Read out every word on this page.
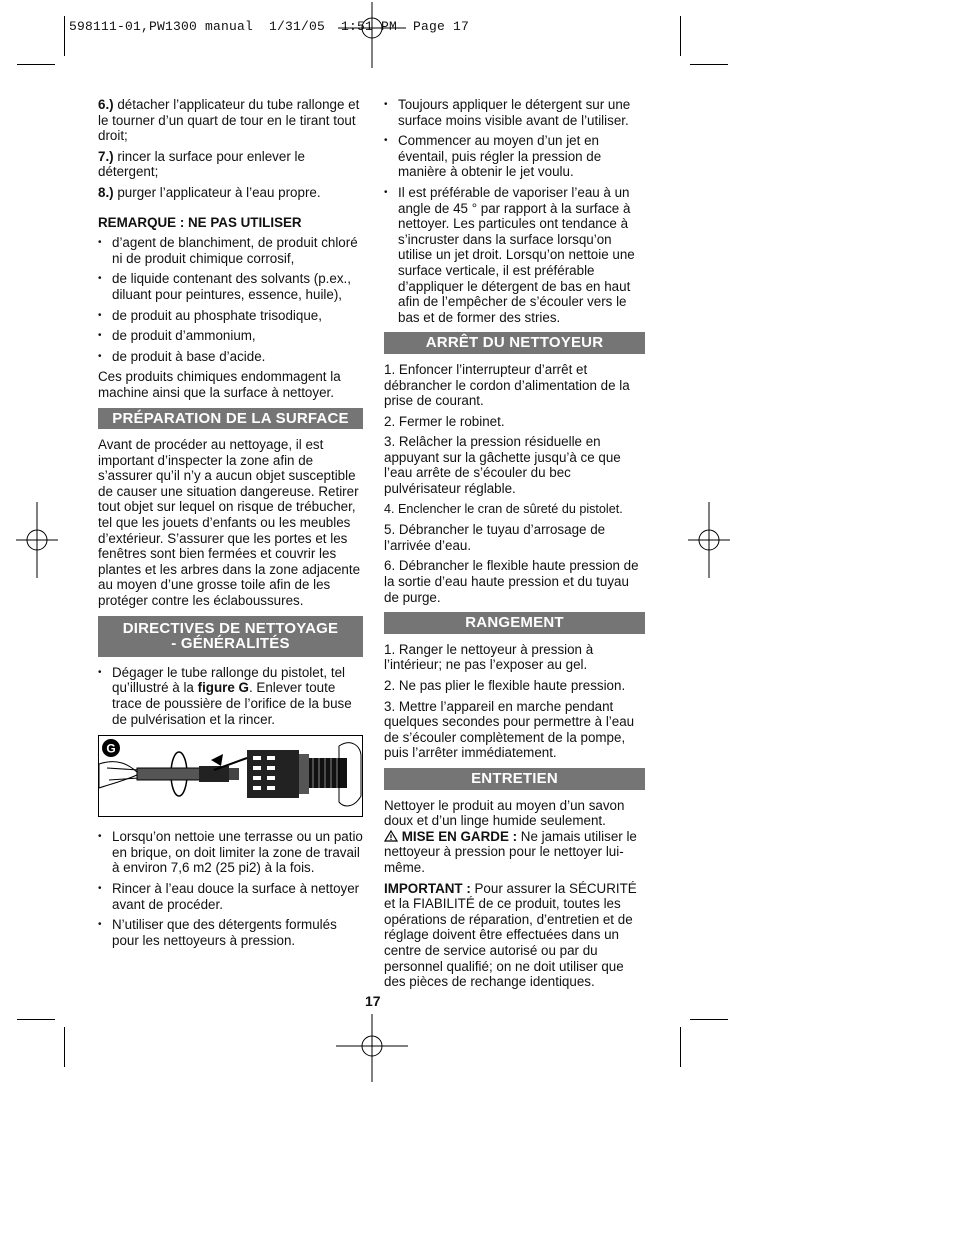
598111-01,PW1300 manual  1/31/05  1:51 PM  Page 17

6.) détacher l’applicateur du tube rallonge et le tourner d’un quart de tour en le tirant tout droit;

7.) rincer la surface pour enlever le détergent;

8.) purger l’applicateur à l’eau propre.

REMARQUE : NE PAS UTILISER

• d’agent de blanchiment, de produit chloré ni de produit chimique corrosif,
• de liquide contenant des solvants (p.ex., diluant pour peintures, essence, huile),
• de produit au phosphate trisodique,
• de produit d’ammonium,
• de produit à base d’acide.

Ces produits chimiques endommagent la machine ainsi que la surface à nettoyer.

PRÉPARATION DE LA SURFACE

Avant de procéder au nettoyage, il est important d’inspecter la zone afin de s’assurer qu’il n’y a aucun objet susceptible de causer une situation dangereuse. Retirer tout objet sur lequel on risque de trébucher, tel que les jouets d’enfants ou les meubles d’extérieur. S’assurer que les portes et les fenêtres sont bien fermées et couvrir les plantes et les arbres dans la zone adjacente au moyen d’une grosse toile afin de les protéger contre les éclaboussures.

DIRECTIVES DE NETTOYAGE
- GÉNÉRALITÉS
• Dégager le tube rallonge du pistolet, tel qu’illustré à la figure G. Enlever toute trace de poussière de l’orifice de la buse de pulvérisation et la rincer.
G
• Lorsqu’on nettoie une terrasse ou un patio en brique, on doit limiter la zone de travail à environ 7,6 m2 (25 pi2) à la fois.
• Rincer à l’eau douce la surface à nettoyer avant de procéder.
• N’utiliser que des détergents formulés pour les nettoyeurs à pression.
• Toujours appliquer le détergent sur une surface moins visible avant de l’utiliser.
• Commencer au moyen d’un jet en éventail, puis régler la pression de manière à obtenir le jet voulu.
• Il est préférable de vaporiser l’eau à un angle de 45 ° par rapport à la surface à nettoyer. Les particules ont tendance à s’incruster dans la surface lorsqu’on utilise un jet droit. Lorsqu’on nettoie une surface verticale, il est préférable d’appliquer le détergent de bas en haut afin de l’empêcher de s’écouler vers le bas et de former des stries.
ARRÊT DU NETTOYEUR

1. Enfoncer l’interrupteur d’arrêt et débrancher le cordon d’alimentation de la prise de courant.

2. Fermer le robinet.

3. Relâcher la pression résiduelle en appuyant sur la gâchette jusqu’à ce que l’eau arrête de s’écouler du bec pulvérisateur réglable.

4. Enclencher le cran de sûreté du pistolet.

5. Débrancher le tuyau d’arrosage de l’arrivée d’eau.

6. Débrancher le flexible haute pression de la sortie d’eau haute pression et du tuyau de purge.

RANGEMENT

1. Ranger le nettoyeur à pression à l’intérieur; ne pas l’exposer au gel.

2. Ne pas plier le flexible haute pression.

3. Mettre l’appareil en marche pendant quelques secondes pour permettre à l’eau de s’écouler complètement de la pompe, puis l’arrêter immédiatement.

ENTRETIEN

Nettoyer le produit au moyen d’un savon doux et d’un linge humide seulement.

MISE EN GARDE : Ne jamais utiliser le nettoyeur à pression pour le nettoyer lui-même.

IMPORTANT : Pour assurer la SÉCURITÉ et la FIABILITÉ de ce produit, toutes les opérations de réparation, d’entretien et de réglage doivent être effectuées dans un centre de service autorisé ou par du personnel qualifié; on ne doit utiliser que des pièces de rechange identiques.

17
